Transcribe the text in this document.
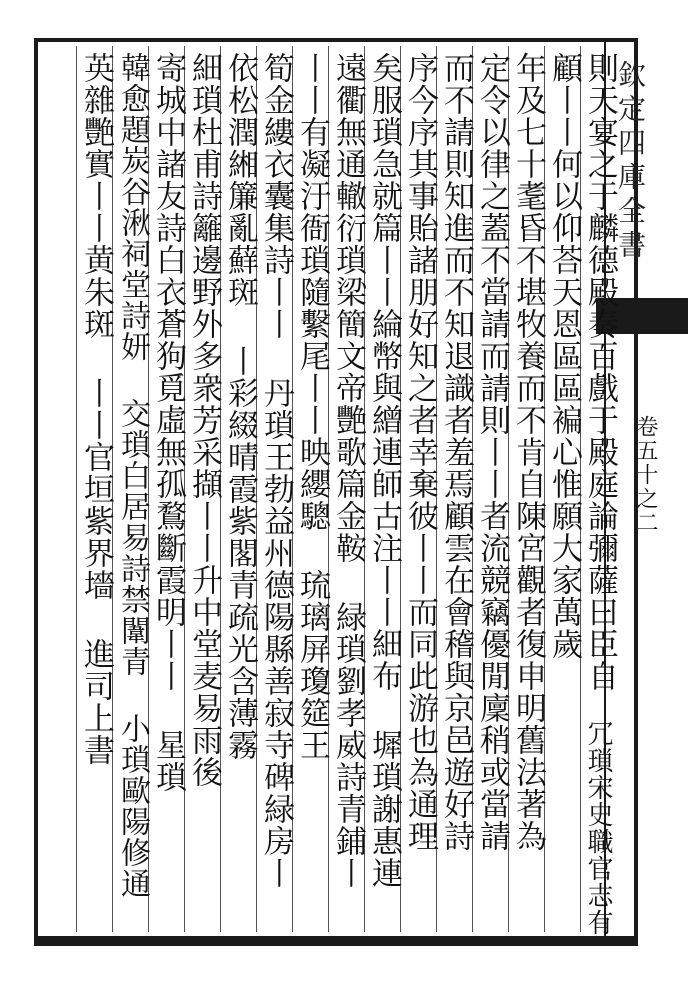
欽定四庫全書
卷五十之二
則天宴之于麟德殿奏百戲于殿庭論彌薩曰臣自
顧丨丨何以仰荅天恩區區褊心惟願大家萬歲
年及七十耄昏不堪牧養而不肯自陳宮觀者復申明舊法著為
定令以律之蓋不當請而請則丨丨者流競竊優閒廩稍或當請
而不請則知進而不知退識者羞焉顧雲在會稽與京邑遊好詩
序今序其事貽諸朋好知之者幸棄彼丨丨而同此游也為通理
矣服瑣急就篇丨丨綸幣與繒連師古注丨丨細布 墀瑣謝惠連
遠衢無通轍衍瑣梁簡文帝艷歌篇金鞍 緑瑣劉孝威詩青鋪丨
丨丨有凝汙衙瑣隨繫尾丨丨映纓驄 琉璃屏瓊筵王
筍金縷衣囊集詩丨丨 丹瑣王勃益州德陽縣善寂寺碑緑房丨
依松潤緗簾亂蘚斑 丨彩綴晴霞紫閣青疏光含薄霧
細瑣杜甫詩籬邊野外多衆芳采擷丨丨升中堂麦易雨後
寄城中諸友詩白衣蒼狗覓虛無孤鶩斷霞明丨丨 星瑣
韓愈題炭谷湫祠堂詩妍 交瑣白居易詩禁闈青 小瑣歐陽修通
英雜艷實丨丨黄朱斑 丨丨官垣紫界墻 進司上書
冗瑣宋史職官志有
